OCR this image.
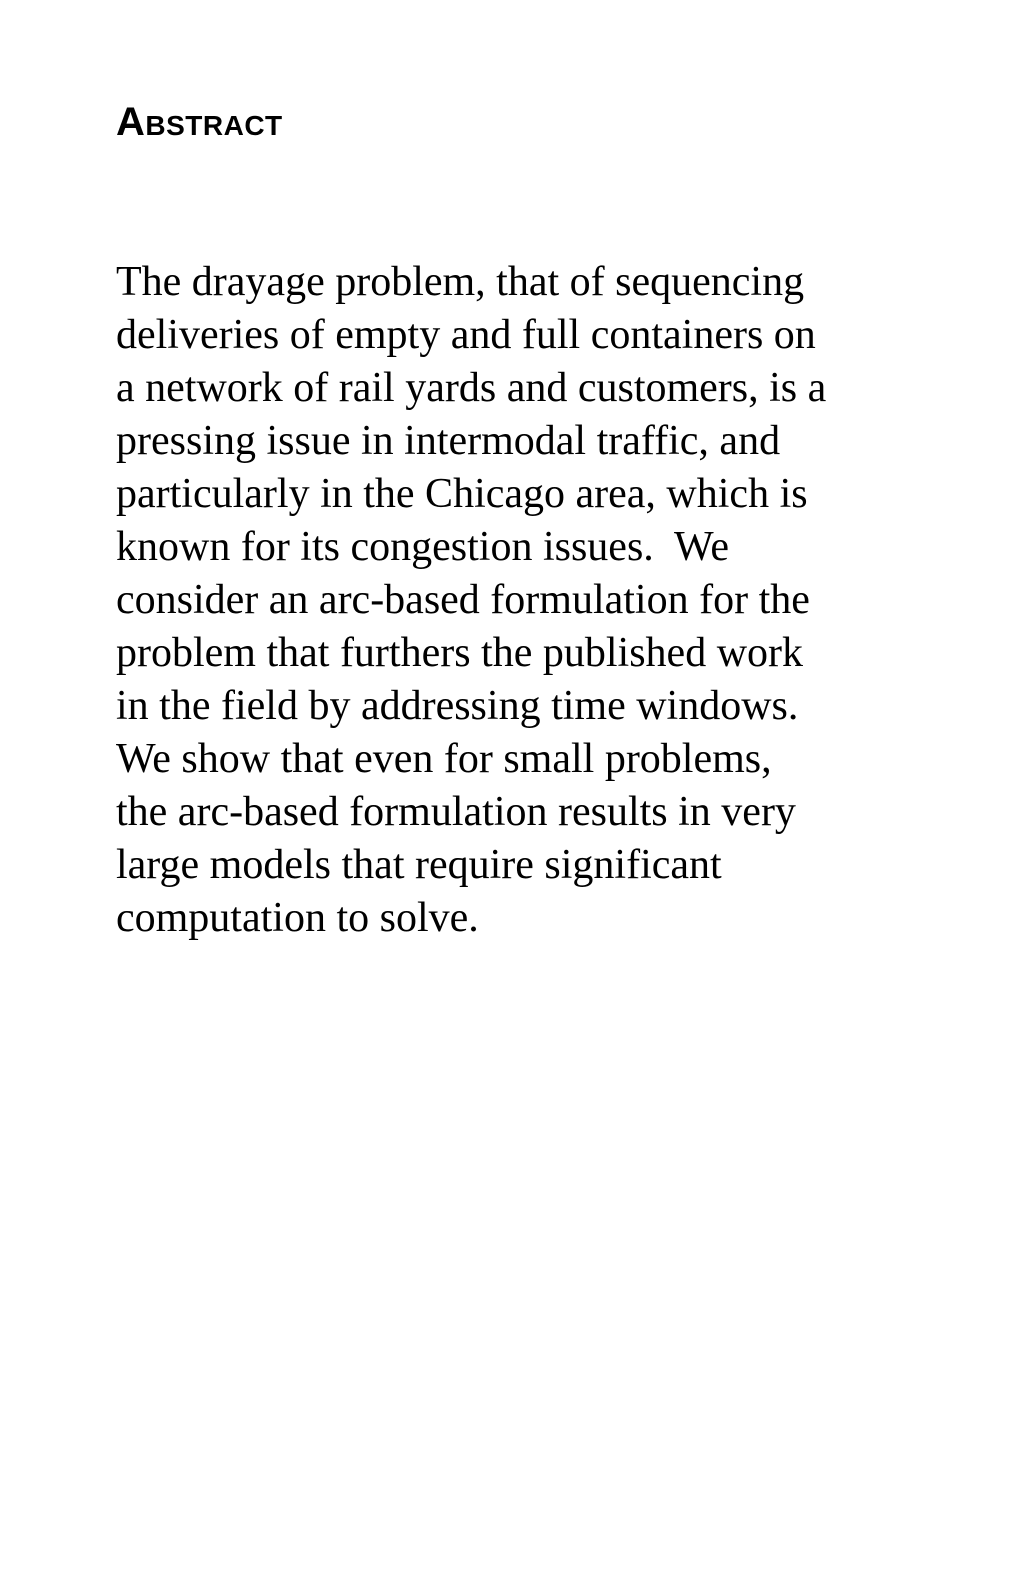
Abstract

The drayage problem, that of sequencing
deliveries of empty and full containers on
a network of rail yards and customers, is a
pressing issue in intermodal traffic, and
particularly in the Chicago area, which is
known for its congestion issues.  We
consider an arc-based formulation for the
problem that furthers the published work
in the field by addressing time windows.
We show that even for small problems,
the arc-based formulation results in very
large models that require significant
computation to solve.
